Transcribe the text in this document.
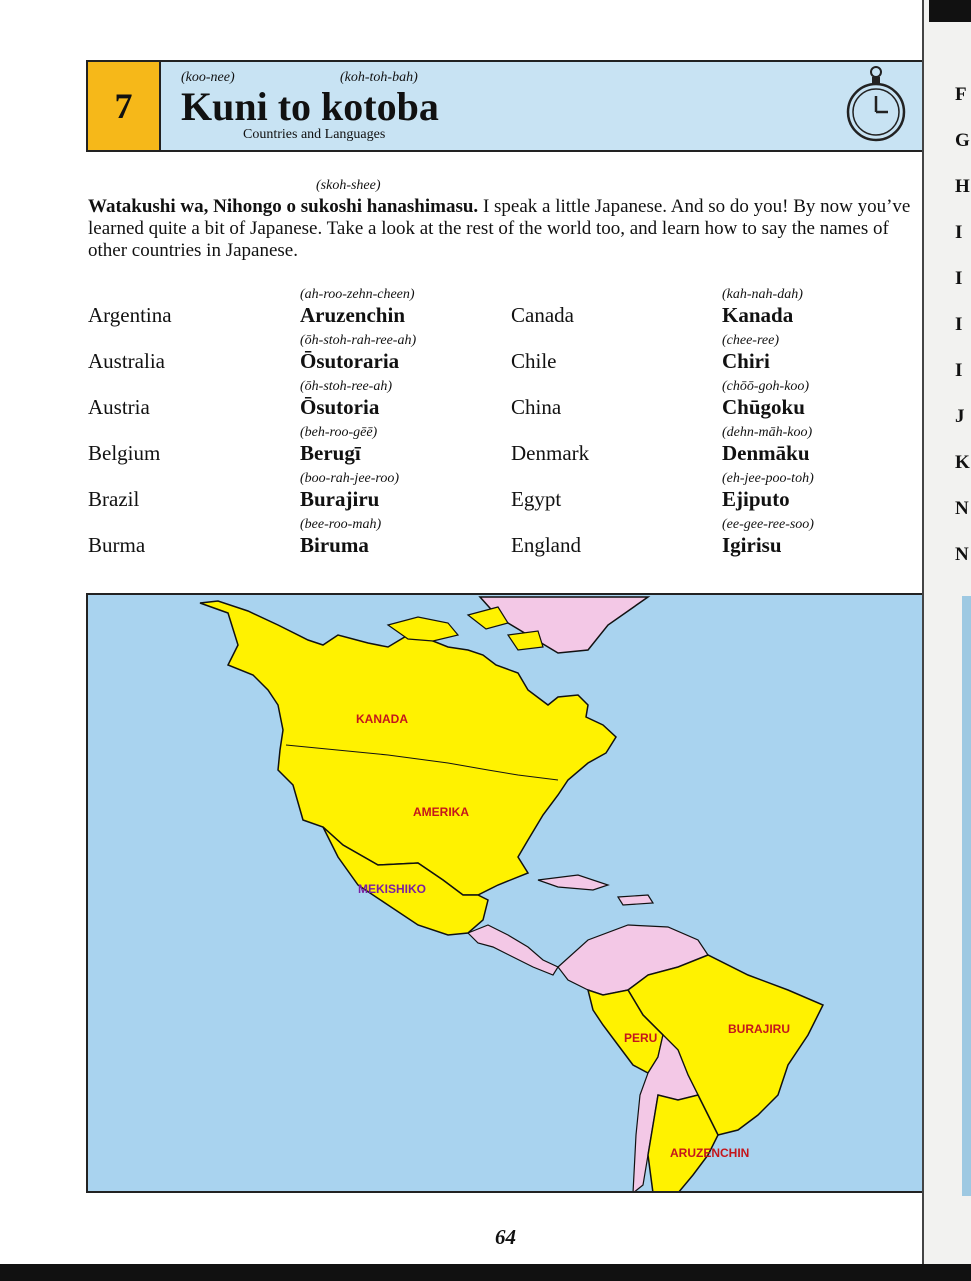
F
G
H
I
I
I
I
J
K
N
N
7
(koo-nee)	(koh-toh-bah)
Kuni to kotoba
Countries and Languages
(skoh-shee)
Watakushi wa, Nihongo o sukoshi hanashimasu. I speak a little Japanese. And so do you! By now you’ve learned quite a bit of Japanese. Take a look at the rest of the world too, and learn how to say the names of other countries in Japanese.
(ah-roo-zehn-cheen)
Aruzenchin
Argentina
(ōh-stoh-rah-ree-ah)
Ōsutoraria
Australia
(ōh-stoh-ree-ah)
Ōsutoria
Austria
(beh-roo-gēē)
Berugī
Belgium
(boo-rah-jee-roo)
Burajiru
Brazil
(bee-roo-mah)
Biruma
Burma
(kah-nah-dah)
Kanada
Canada
(chee-ree)
Chiri
Chile
(chōō-goh-koo)
Chūgoku
China
(dehn-māh-koo)
Denmāku
Denmark
(eh-jee-poo-toh)
Ejiputo
Egypt
(ee-gee-ree-soo)
Igirisu
England
KANADA
AMERIKA
MEKISHIKO
BURAJIRU
PERU
ARUZENCHIN
64
